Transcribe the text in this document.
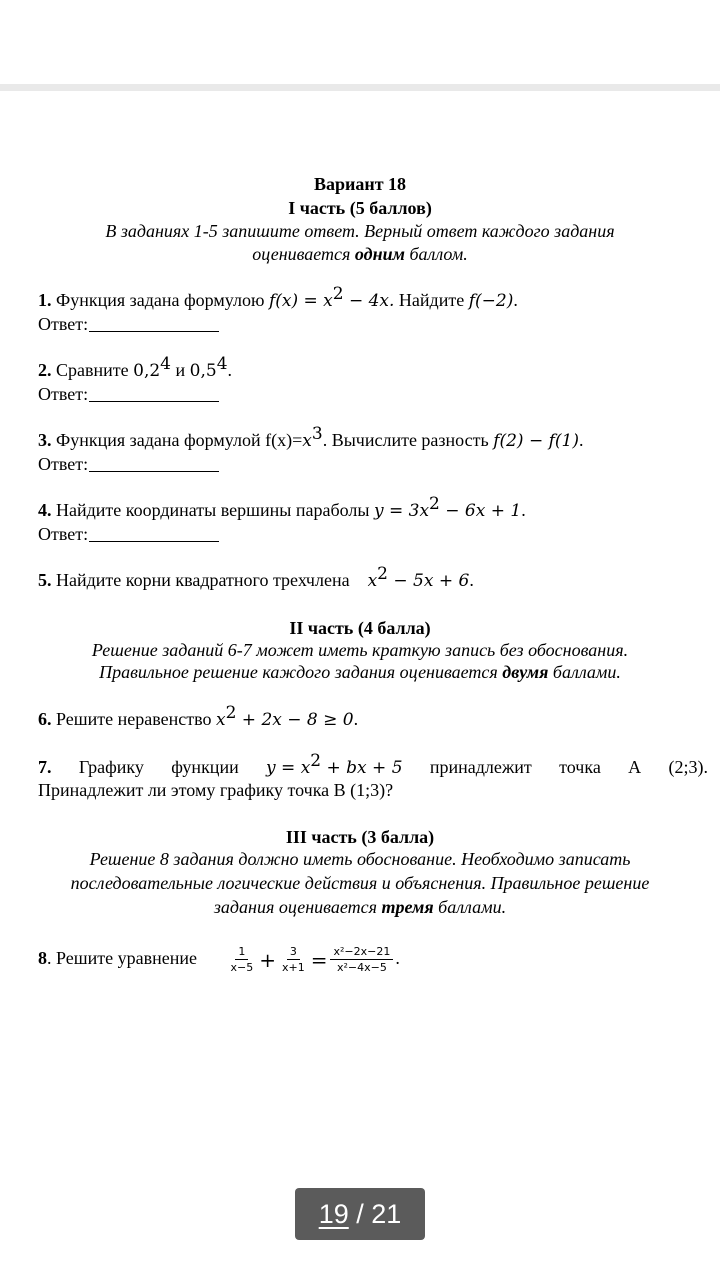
Вариант 18
I часть (5 баллов)
В заданиях 1-5 запишите ответ. Верный ответ каждого задания
оценивается одним баллом.
1. Функция задана формулою $f(x) = x^2 - 4x$. Найдите f(−2).
Ответ:
2. Сравните $0,2^4$ и $0,5^4$.
Ответ:
3. Функция задана формулой $f(x)=x^3$. Вычислите разность f(2) − f(1).
Ответ:
4. Найдите координаты вершины параболы $y = 3x^2 - 6x + 1$.
Ответ:
5. Найдите корни квадратного трехчлена    $x^2 - 5x + 6$.
II часть (4 балла)
Решение заданий 6-7 может иметь краткую запись без обоснования.
Правильное решение каждого задания оценивается двумя баллами.
6. Решите неравенство $x^2 + 2x - 8 \ge 0$.
7. Графику функции $y = x^2$ + bx + 5 принадлежит точка А (2;3).
Принадлежит ли этому графику точка В (1;3)?
III часть (3 балла)
Решение 8 задания должно иметь обоснование. Необходимо записать
последовательные логические действия и объяснения. Правильное решение
задания оценивается тремя баллами.
8. Решите уравнение	$\frac{1}{x-5} + \frac{3}{x+1} = \frac{\text{x²−2x−21}}{\text{x²−4x−5}}$ .
19 / 21
